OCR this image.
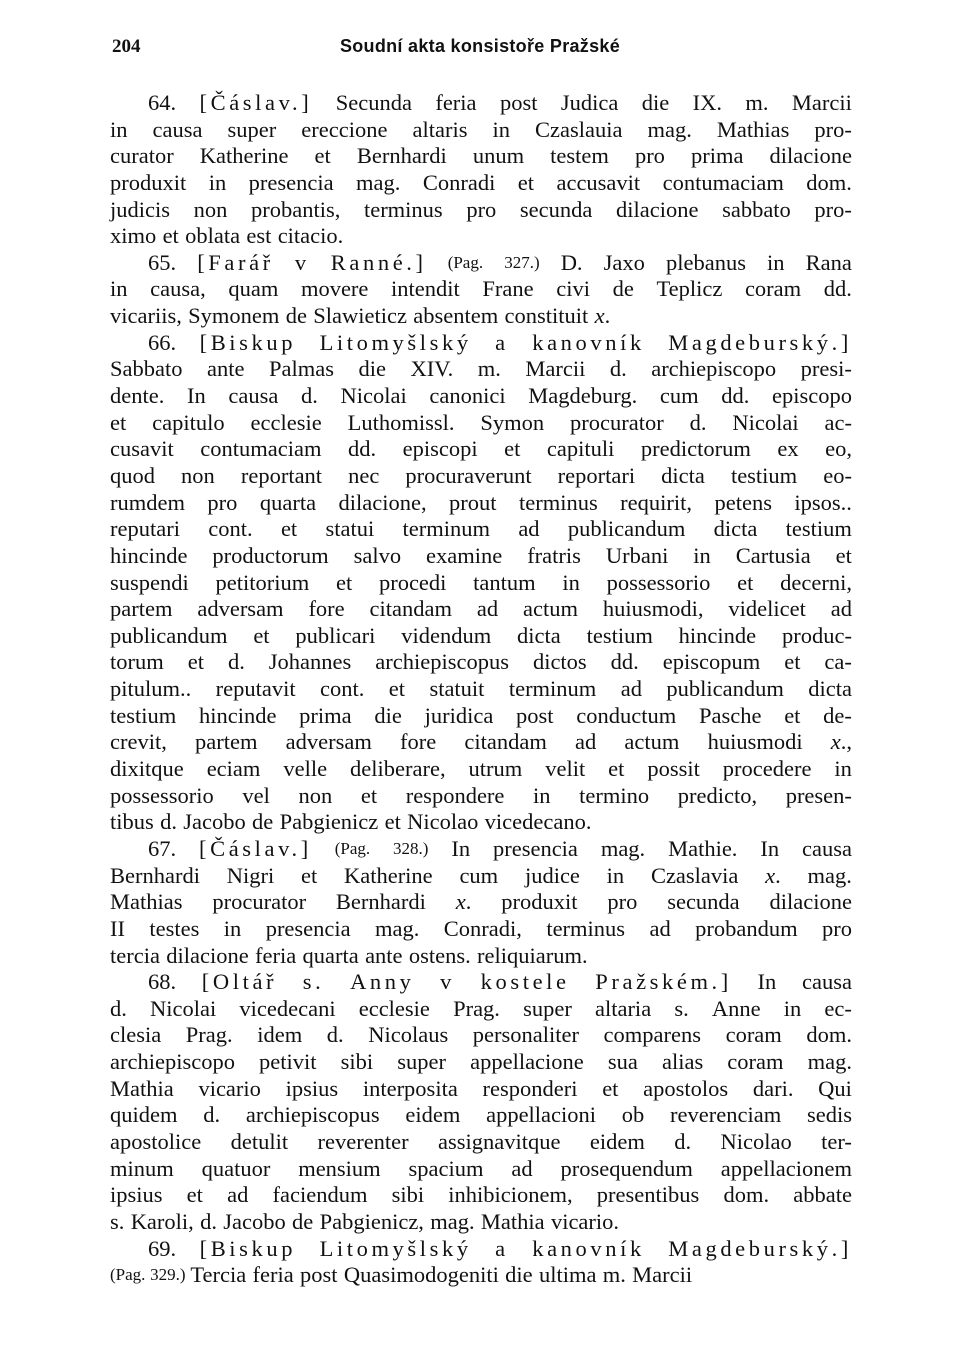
204	Soudní akta konsistoře Pražské
64. [Čáslav.] Secunda feria post Judica die IX. m. Marcii
in causa super ereccione altaris in Czaslauia mag. Mathias pro-
curator Katherine et Bernhardi unum testem pro prima dilacione
produxit in presencia mag. Conradi et accusavit contumaciam dom.
judicis non probantis, terminus pro secunda dilacione sabbato pro-
ximo et oblata est citacio.
65. [Farář v Ranné.] (Pag. 327.) D. Jaxo plebanus in Rana
in causa, quam movere intendit Frane civi de Teplicz coram dd.
vicariis, Symonem de Slawieticz absentem constituit x.
66. [Biskup Litomyšlský a kanovník Magdeburský.]
Sabbato ante Palmas die XIV. m. Marcii d. archiepiscopo presi-
dente. In causa d. Nicolai canonici Magdeburg. cum dd. episcopo
et capitulo ecclesie Luthomissl. Symon procurator d. Nicolai ac-
cusavit contumaciam dd. episcopi et capituli predictorum ex eo,
quod non reportant nec procuraverunt reportari dicta testium eo-
rumdem pro quarta dilacione, prout terminus requirit, petens ipsos..
reputari cont. et statui terminum ad publicandum dicta testium
hincinde productorum salvo examine fratris Urbani in Cartusia et
suspendi petitorium et procedi tantum in possessorio et decerni,
partem adversam fore citandam ad actum huiusmodi, videlicet ad
publicandum et publicari videndum dicta testium hincinde produc-
torum et d. Johannes archiepiscopus dictos dd. episcopum et ca-
pitulum.. reputavit cont. et statuit terminum ad publicandum dicta
testium hincinde prima die juridica post conductum Pasche et de-
crevit, partem adversam fore citandam ad actum huiusmodi x.,
dixitque eciam velle deliberare, utrum velit et possit procedere in
possessorio vel non et respondere in termino predicto, presen-
tibus d. Jacobo de Pabgienicz et Nicolao vicedecano.
67. [Čáslav.] (Pag. 328.) In presencia mag. Mathie. In causa
Bernhardi Nigri et Katherine cum judice in Czaslavia x. mag.
Mathias procurator Bernhardi x. produxit pro secunda dilacione
II testes in presencia mag. Conradi, terminus ad probandum pro
tercia dilacione feria quarta ante ostens. reliquiarum.
68. [Oltář s. Anny v kostele Pražském.] In causa
d. Nicolai vicedecani ecclesie Prag. super altaria s. Anne in ec-
clesia Prag. idem d. Nicolaus personaliter comparens coram dom.
archiepiscopo petivit sibi super appellacione sua alias coram mag.
Mathia vicario ipsius interposita responderi et apostolos dari. Qui
quidem d. archiepiscopus eidem appellacioni ob reverenciam sedis
apostolice detulit reverenter assignavitque eidem d. Nicolao ter-
minum quatuor mensium spacium ad prosequendum appellacionem
ipsius et ad faciendum sibi inhibicionem, presentibus dom. abbate
s. Karoli, d. Jacobo de Pabgienicz, mag. Mathia vicario.
69. [Biskup Litomyšlský a kanovník Magdeburský.]
(Pag. 329.) Tercia feria post Quasimodogeniti die ultima m. Marcii
